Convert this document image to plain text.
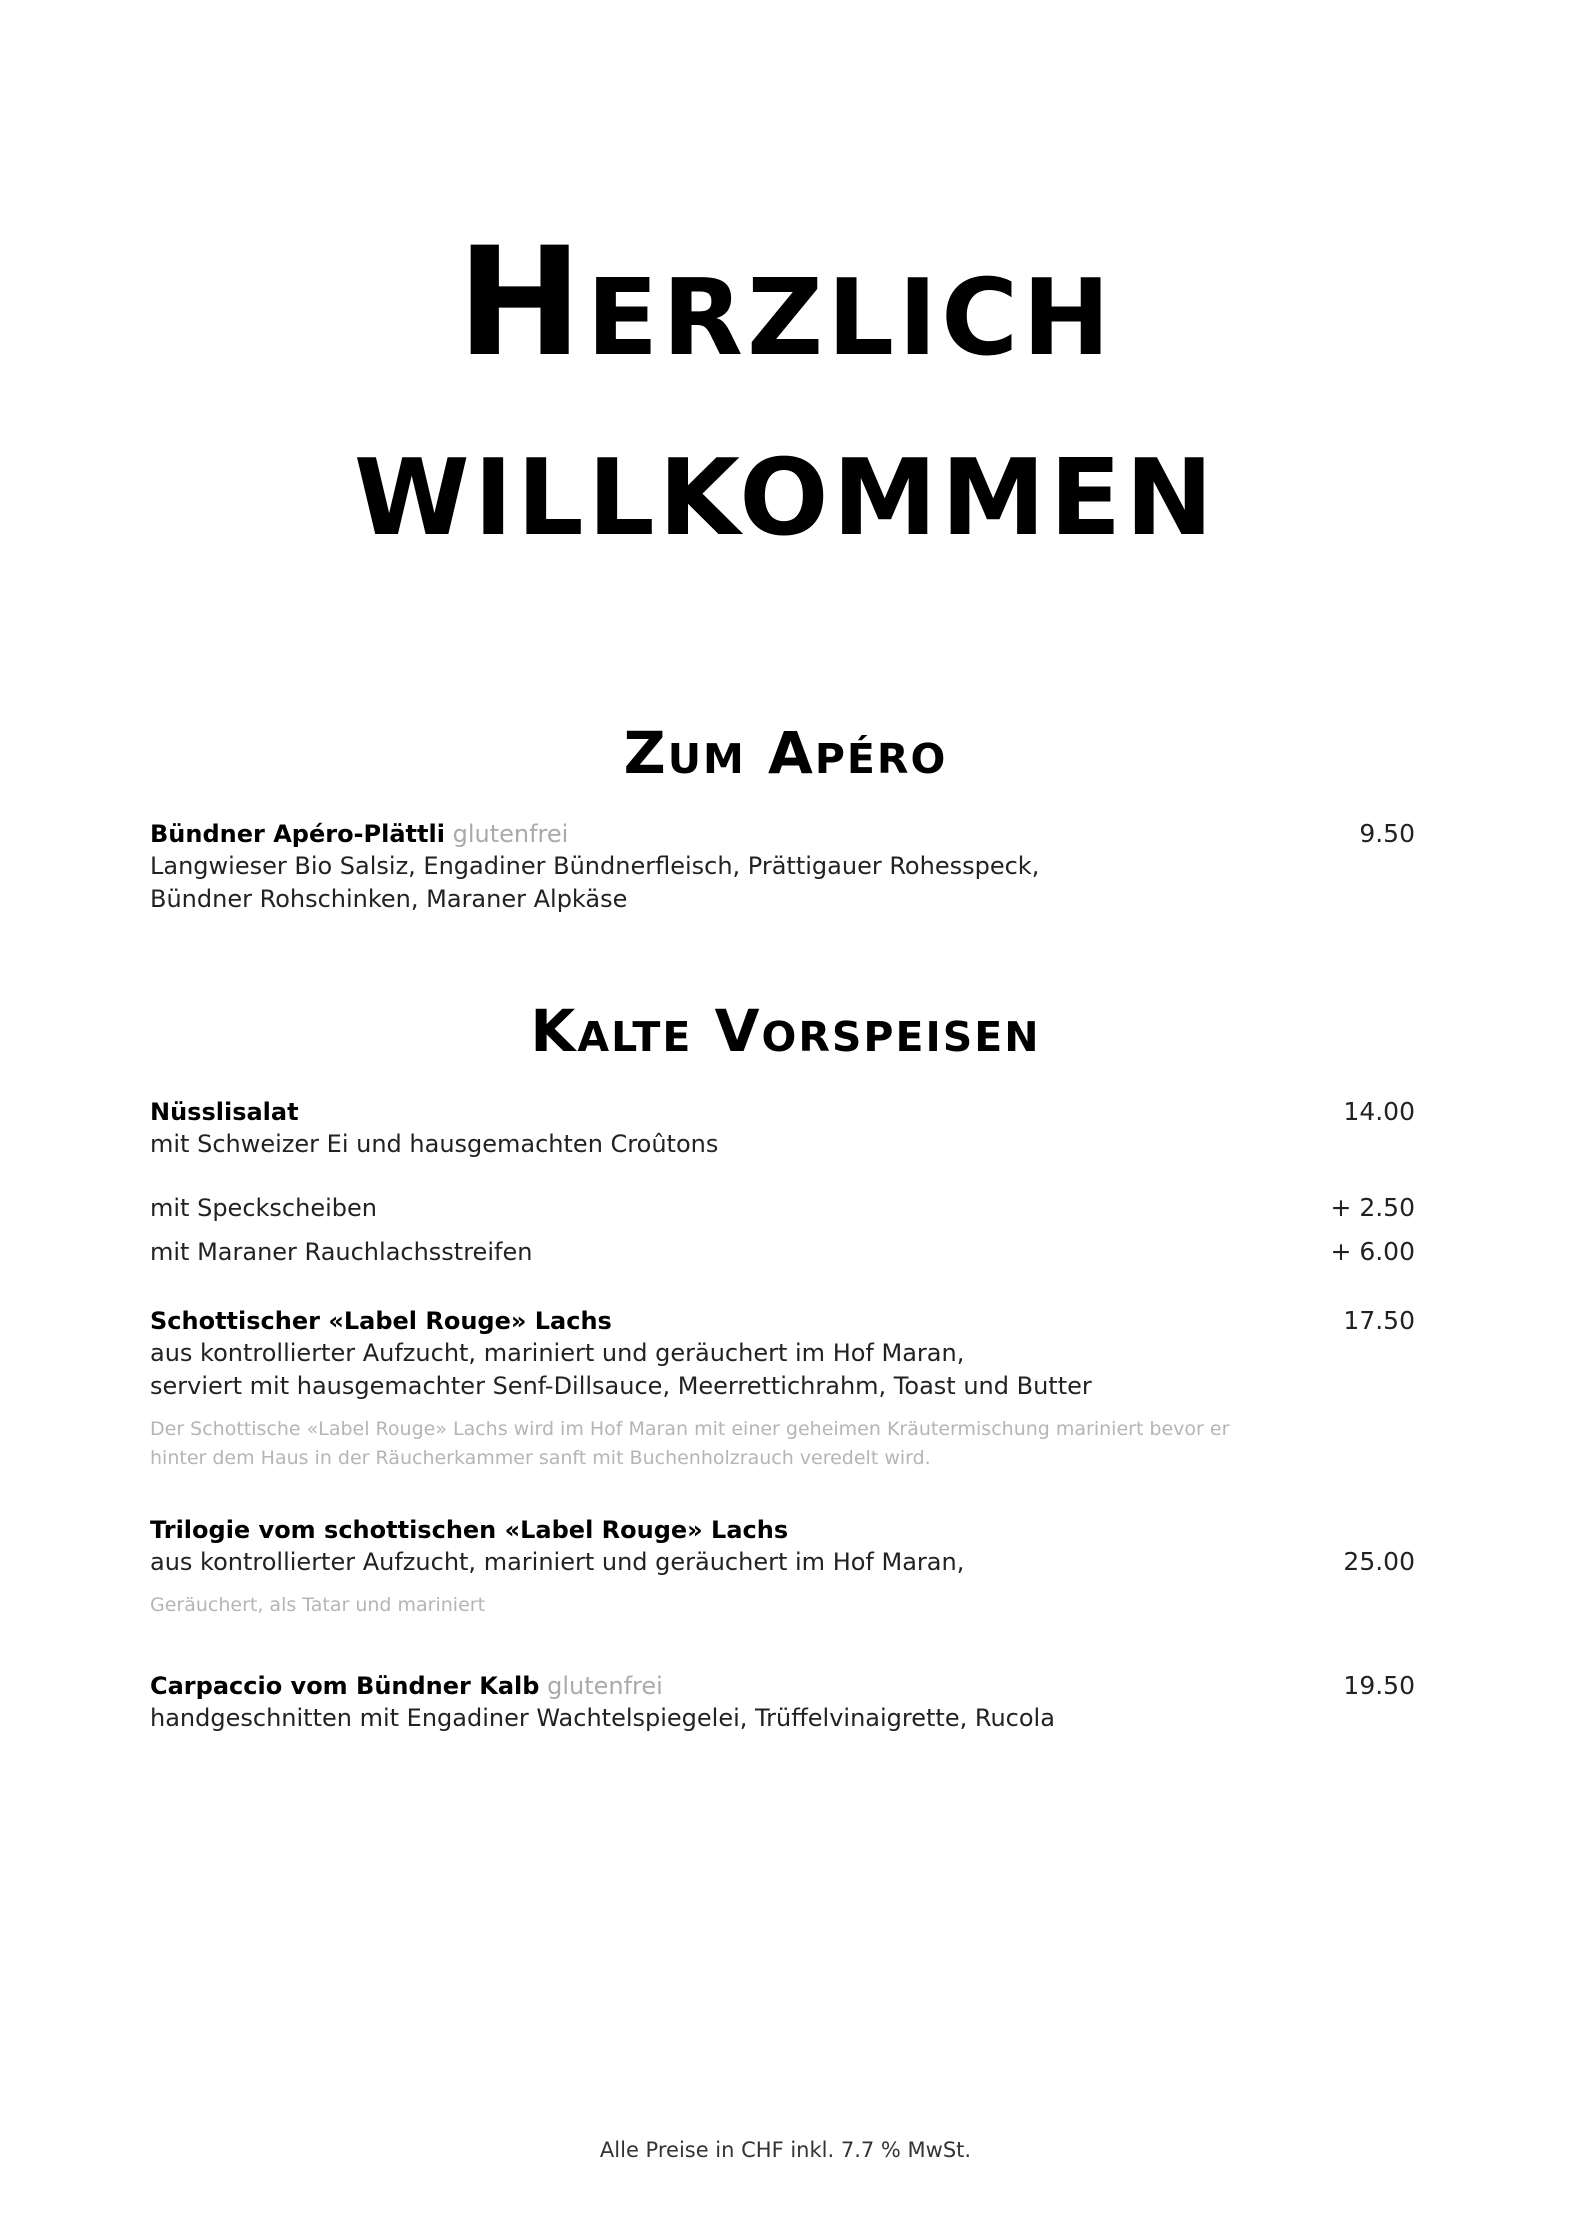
Herzlich
willkommen
Zum Apéro
Bündner Apéro-Plättli glutenfrei	9.50
Langwieser Bio Salsiz, Engadiner Bündnerfleisch, Prättigauer Rohesspeck,
Bündner Rohschinken, Maraner Alpkäse
Kalte Vorspeisen
Nüsslisalat	14.00
mit Schweizer Ei und hausgemachten Croûtons
mit Speckscheiben	+ 2.50
mit Maraner Rauchlachsstreifen	+ 6.00
Schottischer «Label Rouge» Lachs	17.50
aus kontrollierter Aufzucht, mariniert und geräuchert im Hof Maran,
serviert mit hausgemachter Senf-Dillsauce, Meerrettichrahm, Toast und Butter
Der Schottische «Label Rouge» Lachs wird im Hof Maran mit einer geheimen Kräutermischung mariniert bevor er
hinter dem Haus in der Räucherkammer sanft mit Buchenholzrauch veredelt wird.
Trilogie vom schottischen «Label Rouge» Lachs
aus kontrollierter Aufzucht, mariniert und geräuchert im Hof Maran,	25.00
Geräuchert, als Tatar und mariniert
Carpaccio vom Bündner Kalb glutenfrei	19.50
handgeschnitten mit Engadiner Wachtelspiegelei, Trüffelvinaigrette, Rucola
Alle Preise in CHF inkl. 7.7 % MwSt.
